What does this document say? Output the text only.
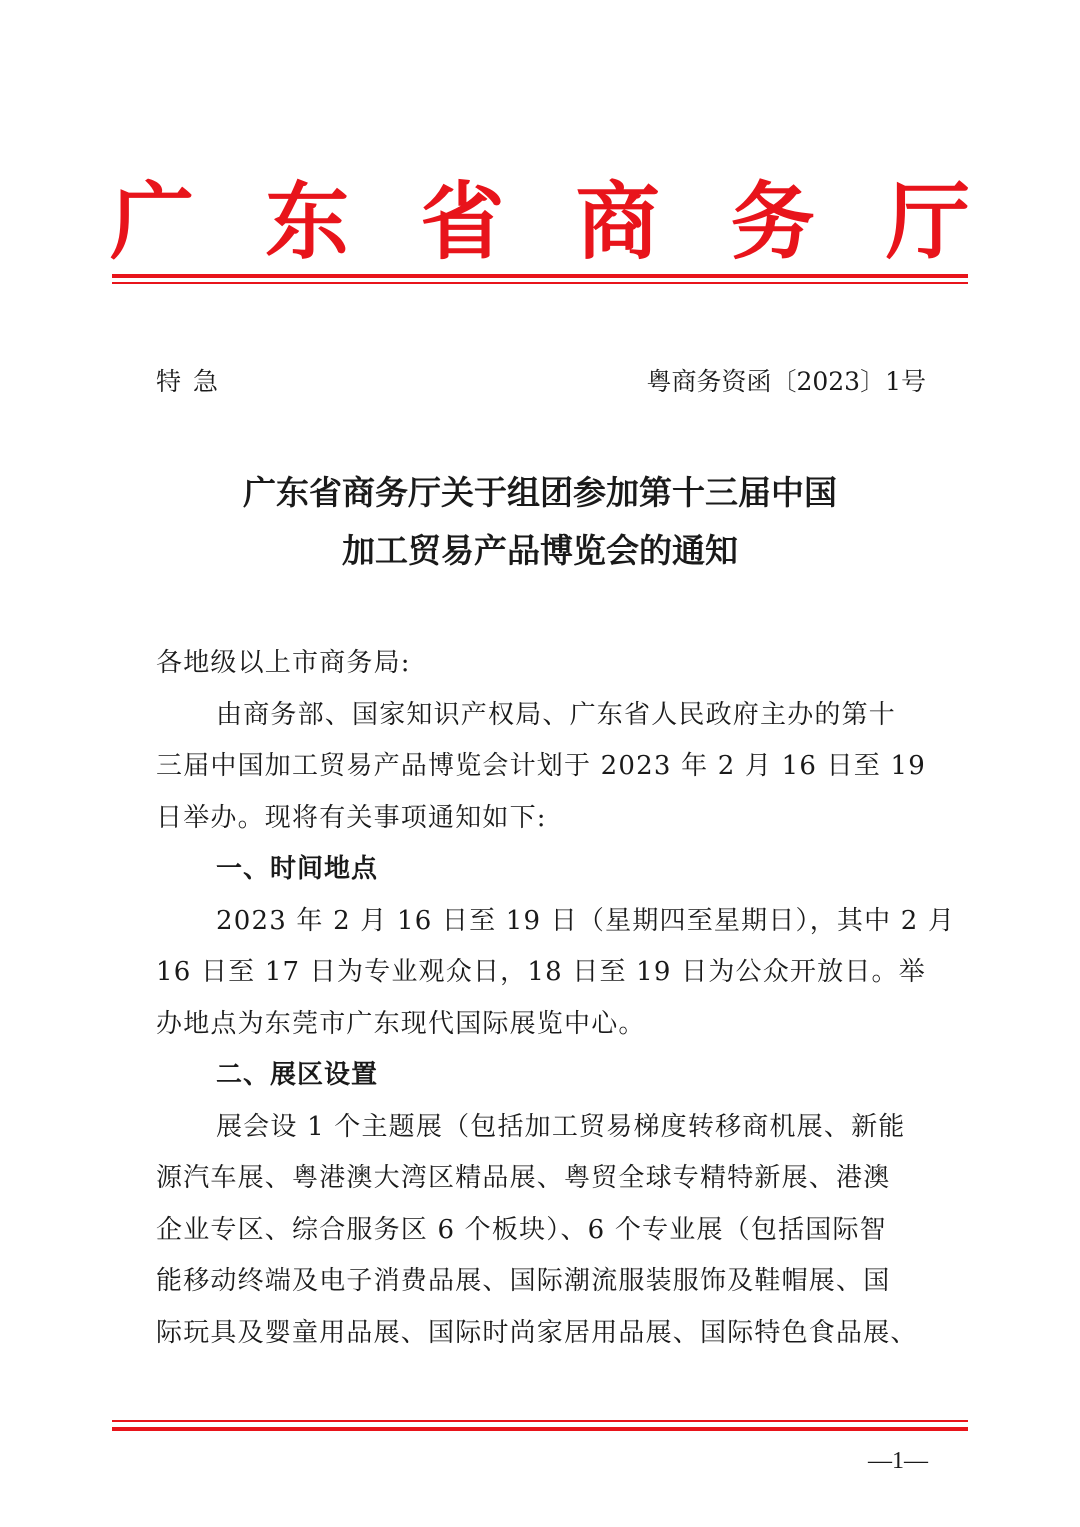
广 东 省 商 务 厅
特急	粤商务资函〔2023〕1号
广东省商务厅关于组团参加第十三届中国
加工贸易产品博览会的通知
各地级以上市商务局:
由商务部、国家知识产权局、广东省人民政府主办的第十
三届中国加工贸易产品博览会计划于 2023 年 2 月 16 日至 19
日举办。现将有关事项通知如下:
一、时间地点
2023 年 2 月 16 日至 19 日（星期四至星期日），其中 2 月
16 日至 17 日为专业观众日，18 日至 19 日为公众开放日。举
办地点为东莞市广东现代国际展览中心。
二、展区设置
展会设 1 个主题展（包括加工贸易梯度转移商机展、新能
源汽车展、粤港澳大湾区精品展、粤贸全球专精特新展、港澳
企业专区、综合服务区 6 个板块）、6 个专业展（包括国际智
能移动终端及电子消费品展、国际潮流服装服饰及鞋帽展、国
际玩具及婴童用品展、国际时尚家居用品展、国际特色食品展、
—1—
